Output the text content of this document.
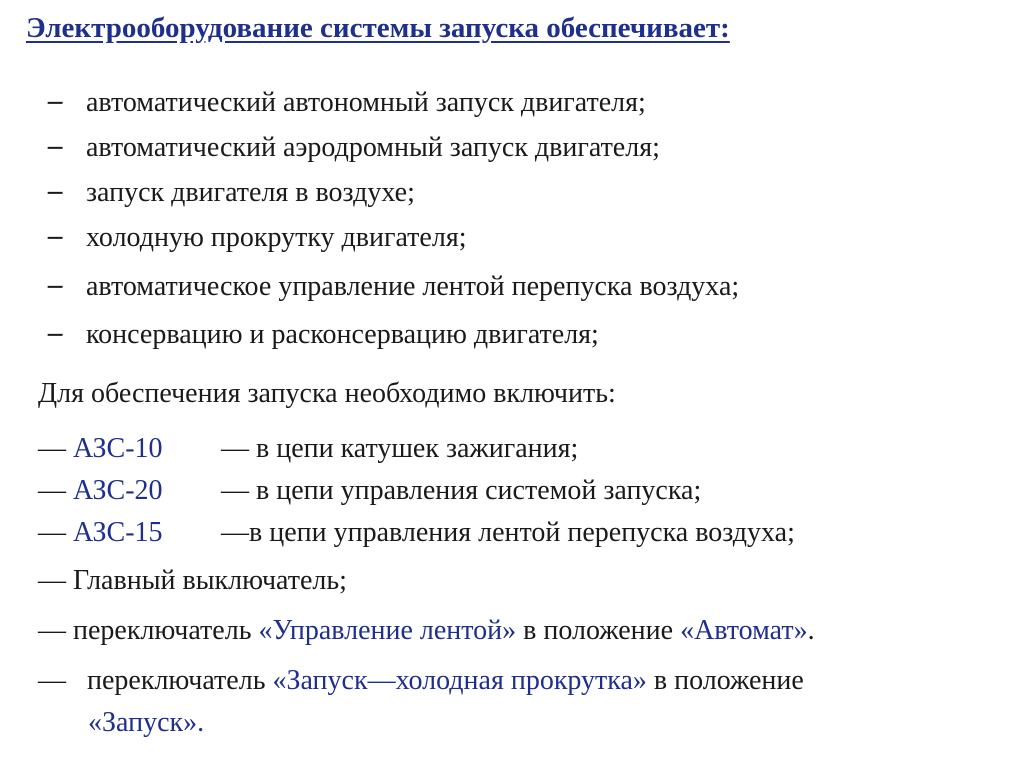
Электрооборудование системы запуска обеспечивает:
─ автоматический автономный запуск двигателя;
─ автоматический аэродромный запуск двигателя;
─ запуск двигателя в воздухе;
─ холодную прокрутку двигателя;
─ автоматическое управление лентой перепуска воздуха;
─ консервацию и расконсервацию двигателя;
Для обеспечения запуска необходимо включить:
— АЗС-10 — в цепи катушек зажигания;
— АЗС-20 — в цепи управления системой запуска;
— АЗС-15 —в цепи управления лентой перепуска воздуха;
— Главный выключатель;
— переключатель «Управление лентой» в положение «Автомат».
— переключатель «Запуск—холодная прокрутка» в положение
«Запуск».
